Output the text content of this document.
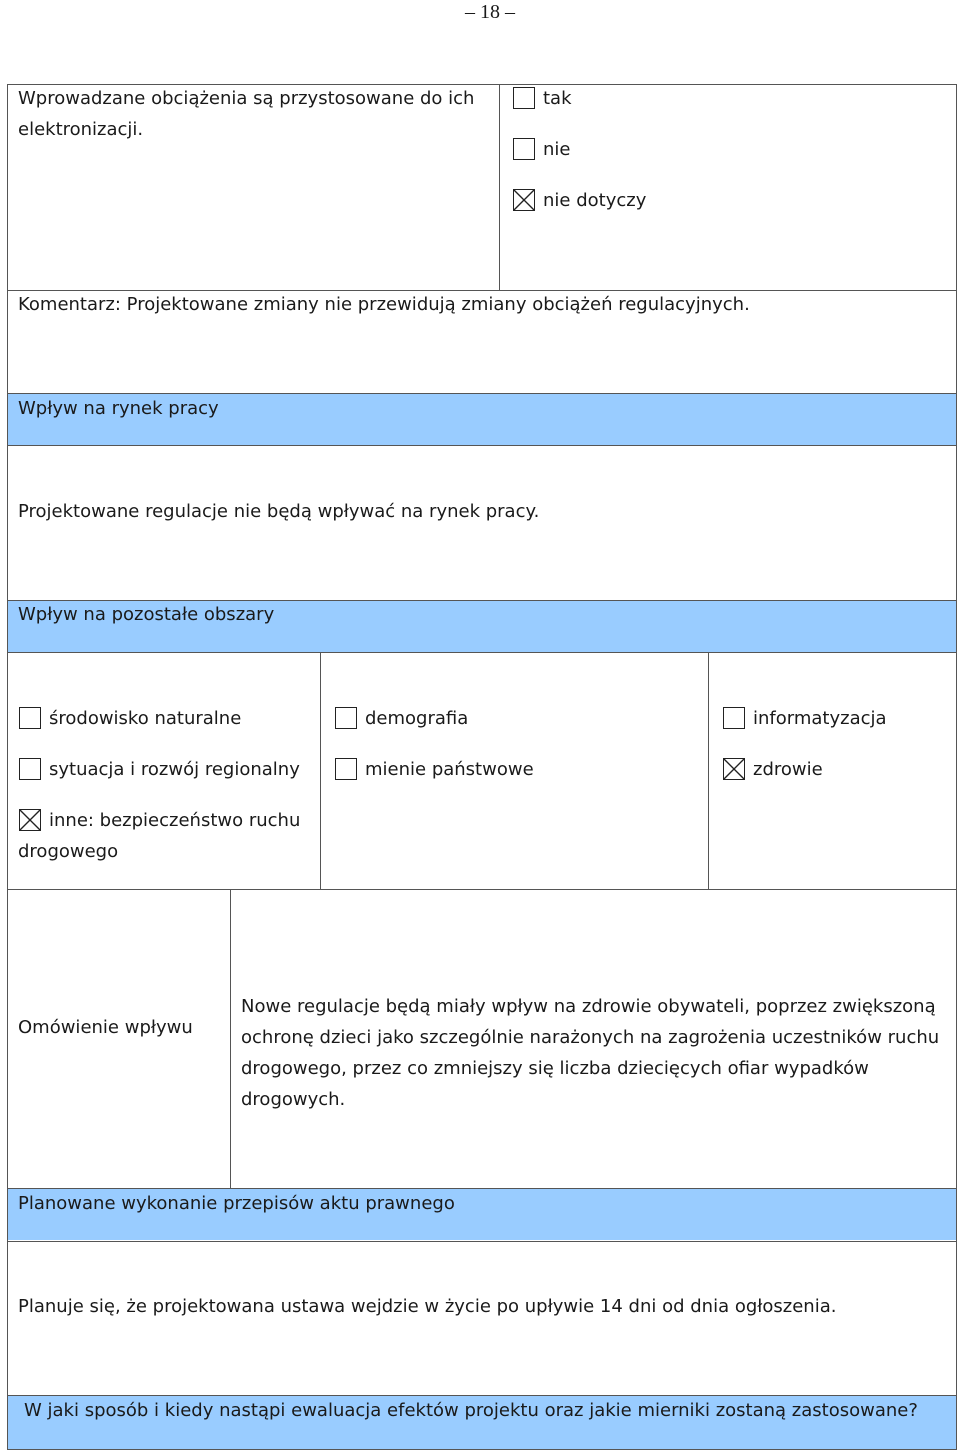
– 18 –
Wprowadzane obciążenia są przystosowane do ich elektronizacji.
tak
nie
nie dotyczy
Komentarz: Projektowane zmiany nie przewidują zmiany obciążeń regulacyjnych.
Wpływ na rynek pracy
Projektowane regulacje nie będą wpływać na rynek pracy.
Wpływ na pozostałe obszary
środowisko naturalne
sytuacja i rozwój regionalny
inne: bezpieczeństwo ruchu drogowego
demografia
mienie państwowe
informatyzacja
zdrowie
Omówienie wpływu
Nowe regulacje będą miały wpływ na zdrowie obywateli, poprzez zwiększoną ochronę dzieci jako szczególnie narażonych na zagrożenia uczestników ruchu drogowego, przez co zmniejszy się liczba dziecięcych ofiar wypadków drogowych.
Planowane wykonanie przepisów aktu prawnego
Planuje się, że projektowana ustawa wejdzie w życie po upływie 14 dni od dnia ogłoszenia.
W jaki sposób i kiedy nastąpi ewaluacja efektów projektu oraz jakie mierniki zostaną zastosowane?
